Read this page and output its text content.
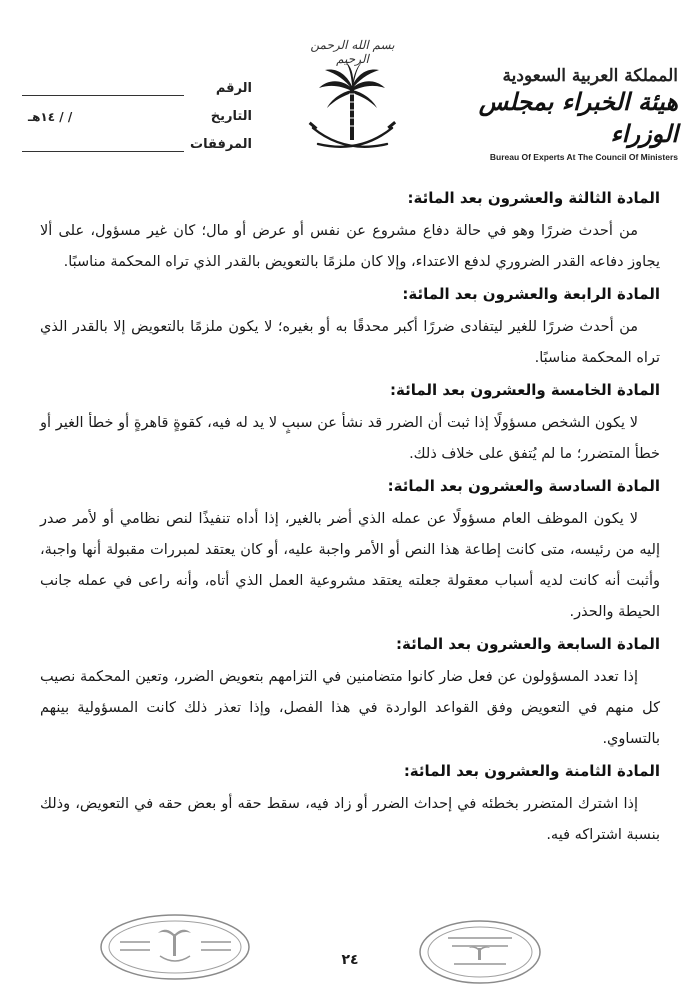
بسم الله الرحمن الرحيم
الرقم
التاريخ
/ / ١٤هـ
المرفقات
المملكة العربية السعودية
هيئة الخبراء بمجلس الوزراء
Bureau Of Experts At The Council Of Ministers
المادة الثالثة والعشرون بعد المائة:

من أحدث ضررًا وهو في حالة دفاع مشروع عن نفس أو عرض أو مال؛ كان غير مسؤول، على ألا يجاوز دفاعه القدر الضروري لدفع الاعتداء، وإلا كان ملزمًا بالتعويض بالقدر الذي تراه المحكمة مناسبًا.

المادة الرابعة والعشرون بعد المائة:

من أحدث ضررًا للغير ليتفادى ضررًا أكبر محدقًا به أو بغيره؛ لا يكون ملزمًا بالتعويض إلا بالقدر الذي تراه المحكمة مناسبًا.

المادة الخامسة والعشرون بعد المائة:

لا يكون الشخص مسؤولًا إذا ثبت أن الضرر قد نشأ عن سببٍ لا يد له فيه، كقوةٍ قاهرةٍ أو خطأ الغير أو خطأ المتضرر؛ ما لم يُتفق على خلاف ذلك.

المادة السادسة والعشرون بعد المائة:

لا يكون الموظف العام مسؤولًا عن عمله الذي أضر بالغير، إذا أداه تنفيذًا لنص نظامي أو لأمر صدر إليه من رئيسه، متى كانت إطاعة هذا النص أو الأمر واجبة عليه، أو كان يعتقد لمبررات مقبولة أنها واجبة، وأثبت أنه كانت لديه أسباب معقولة جعلته يعتقد مشروعية العمل الذي أتاه، وأنه راعى في عمله جانب الحيطة والحذر.

المادة السابعة والعشرون بعد المائة:

إذا تعدد المسؤولون عن فعل ضار كانوا متضامنين في التزامهم بتعويض الضرر، وتعين المحكمة نصيب كل منهم في التعويض وفق القواعد الواردة في هذا الفصل، وإذا تعذر ذلك كانت المسؤولية بينهم بالتساوي.

المادة الثامنة والعشرون بعد المائة:

إذا اشترك المتضرر بخطئه في إحداث الضرر أو زاد فيه، سقط حقه أو بعض حقه في التعويض، وذلك بنسبة اشتراكه فيه.

٢٤
